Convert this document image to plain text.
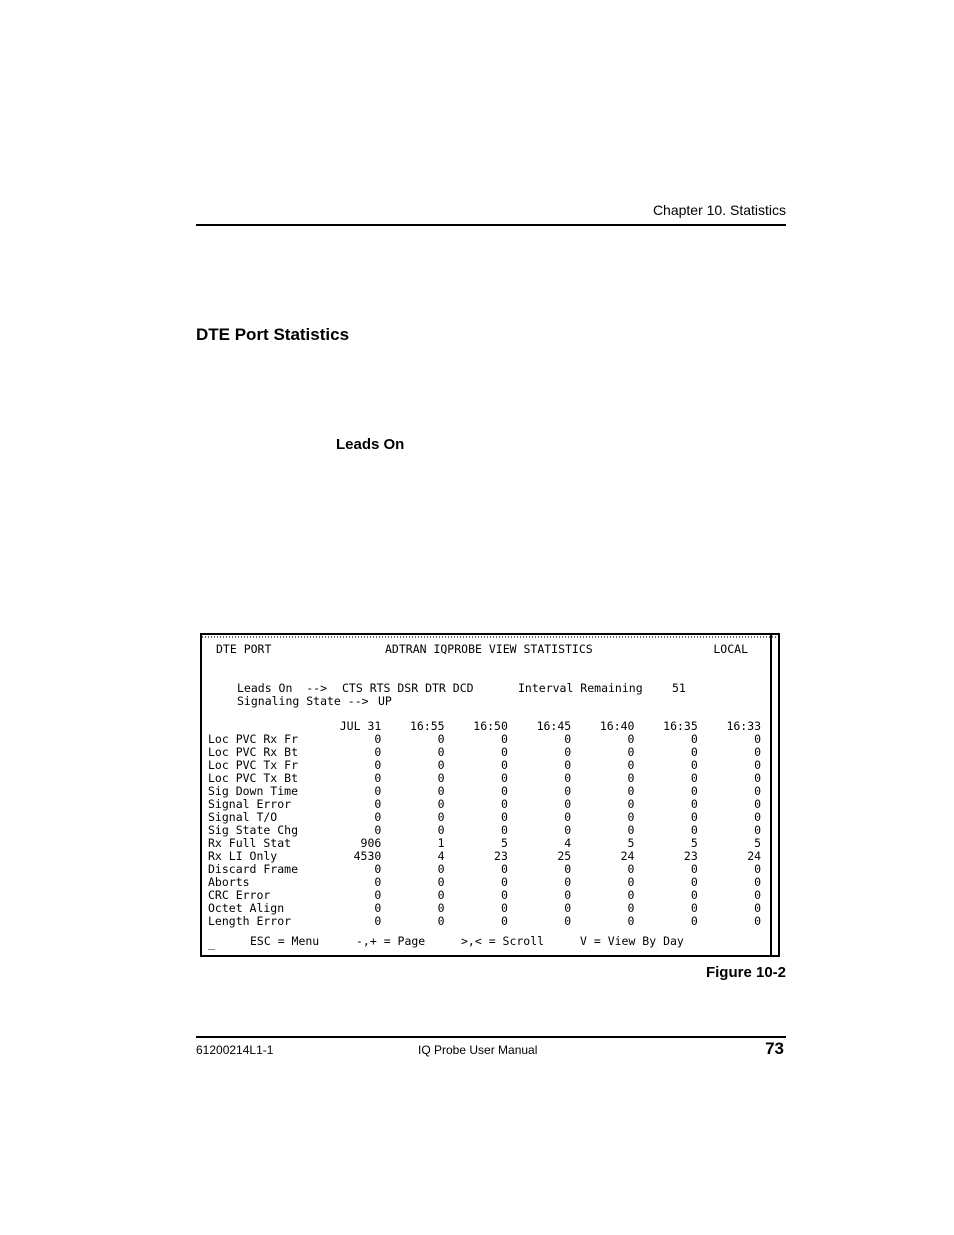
Chapter 10. Statistics
DTE Port Statistics
Leads On
DTE PORT	ADTRAN IQPROBE VIEW STATISTICS	LOCAL
Leads On  --> CTS RTS DSR DTR DCD	Interval Remaining	51
Signaling State --> UP
	JUL 31	16:55	16:50	16:45	16:40	16:35	16:33
Loc PVC Rx Fr	0	0	0	0	0	0	0
Loc PVC Rx Bt	0	0	0	0	0	0	0
Loc PVC Tx Fr	0	0	0	0	0	0	0
Loc PVC Tx Bt	0	0	0	0	0	0	0
Sig Down Time	0	0	0	0	0	0	0
Signal Error	0	0	0	0	0	0	0
Signal T/O	0	0	0	0	0	0	0
Sig State Chg	0	0	0	0	0	0	0
Rx Full Stat	906	1	5	4	5	5	5
Rx LI Only	4530	4	23	25	24	23	24
Discard Frame	0	0	0	0	0	0	0
Aborts	0	0	0	0	0	0	0
CRC Error	0	0	0	0	0	0	0
Octet Align	0	0	0	0	0	0	0
Length Error	0	0	0	0	0	0	0
_	ESC = Menu	-,+ = Page	>,< = Scroll	V = View By Day
Figure 10-2
61200214L1-1	IQ Probe User Manual	73
